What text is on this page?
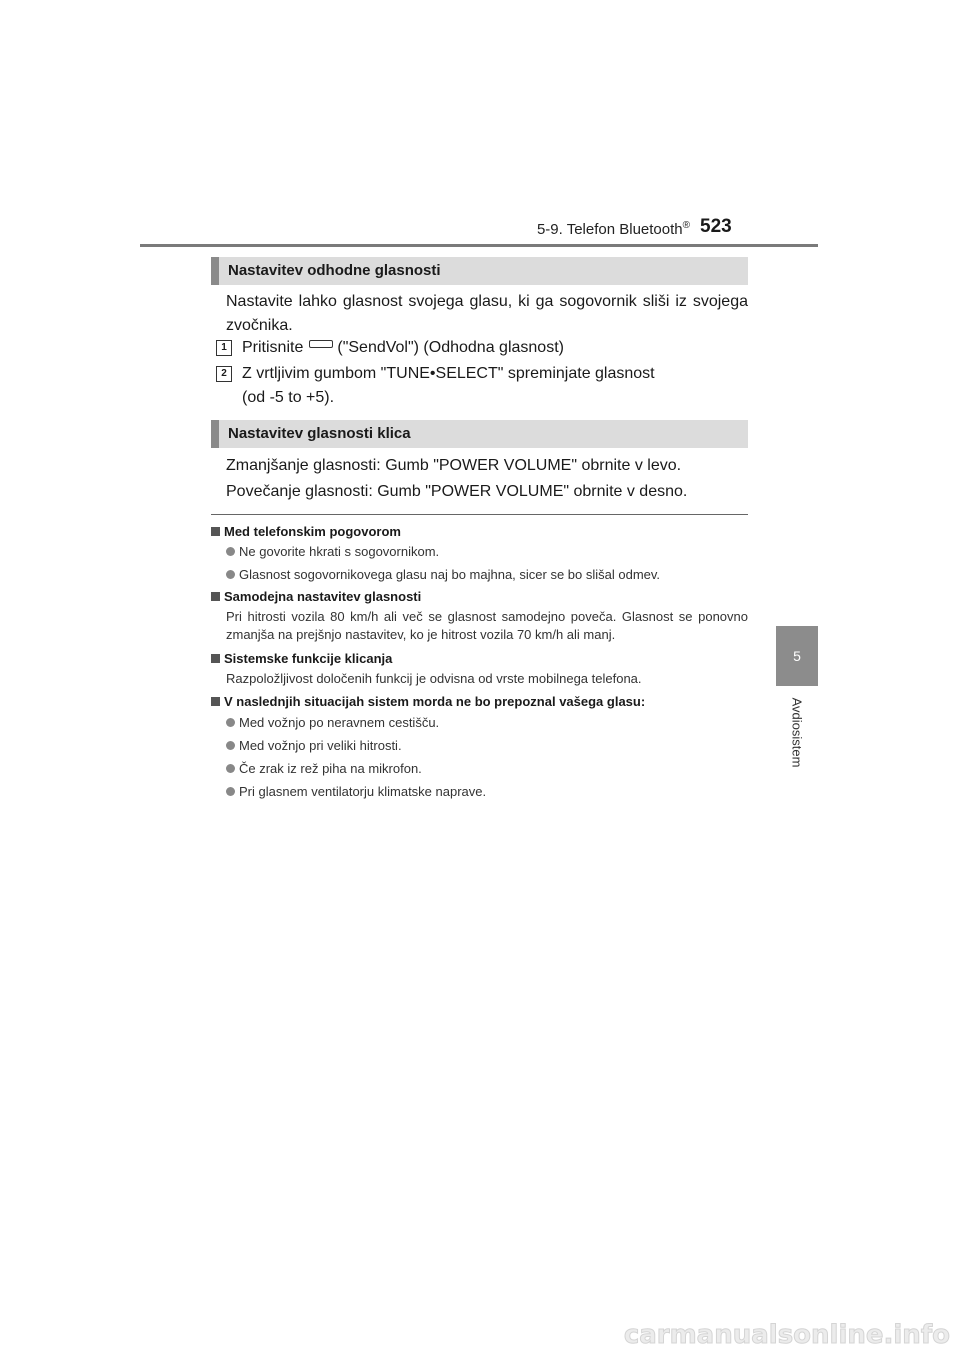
5-9. Telefon Bluetooth® 523
5
Avdiosistem
Nastavitev odhodne glasnosti
Nastavite lahko glasnost svojega glasu, ki ga sogovornik sliši iz svojega zvočnika.
1 Pritisnite ("SendVol") (Odhodna glasnost)
2 Z vrtljivim gumbom "TUNE•SELECT" spreminjate glasnost
(od -5 to +5).
Nastavitev glasnosti klica
Zmanjšanje glasnosti: Gumb "POWER VOLUME" obrnite v levo.
Povečanje glasnosti: Gumb "POWER VOLUME" obrnite v desno.
Med telefonskim pogovorom
Ne govorite hkrati s sogovornikom.
Glasnost sogovornikovega glasu naj bo majhna, sicer se bo slišal odmev.
Samodejna nastavitev glasnosti
Pri hitrosti vozila 80 km/h ali več se glasnost samodejno poveča. Glasnost se ponovno zmanjša na prejšnjo nastavitev, ko je hitrost vozila 70 km/h ali manj.
Sistemske funkcije klicanja
Razpoložljivost določenih funkcij je odvisna od vrste mobilnega telefona.
V naslednjih situacijah sistem morda ne bo prepoznal vašega glasu:
Med vožnjo po neravnem cestišču.
Med vožnjo pri veliki hitrosti.
Če zrak iz rež piha na mikrofon.
Pri glasnem ventilatorju klimatske naprave.
carmanualsonline.info
